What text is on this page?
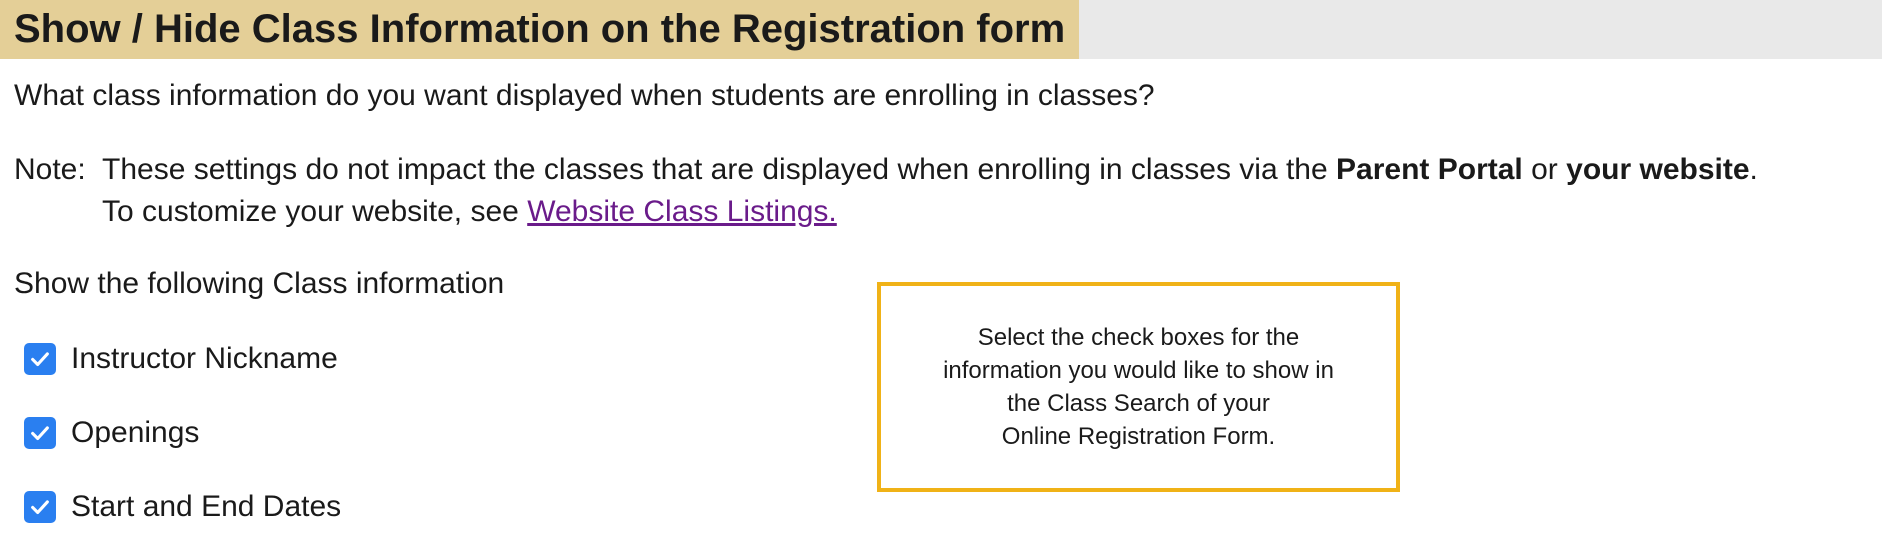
Show / Hide Class Information on the Registration form
What class information do you want displayed when students are enrolling in classes?
Note: These settings do not impact the classes that are displayed when enrolling in classes via the Parent Portal or your website.
To customize your website, see Website Class Listings.
Show the following Class information
Instructor Nickname
Openings
Start and End Dates
Select the check boxes for the
information you would like to show in
the Class Search of your
Online Registration Form.
